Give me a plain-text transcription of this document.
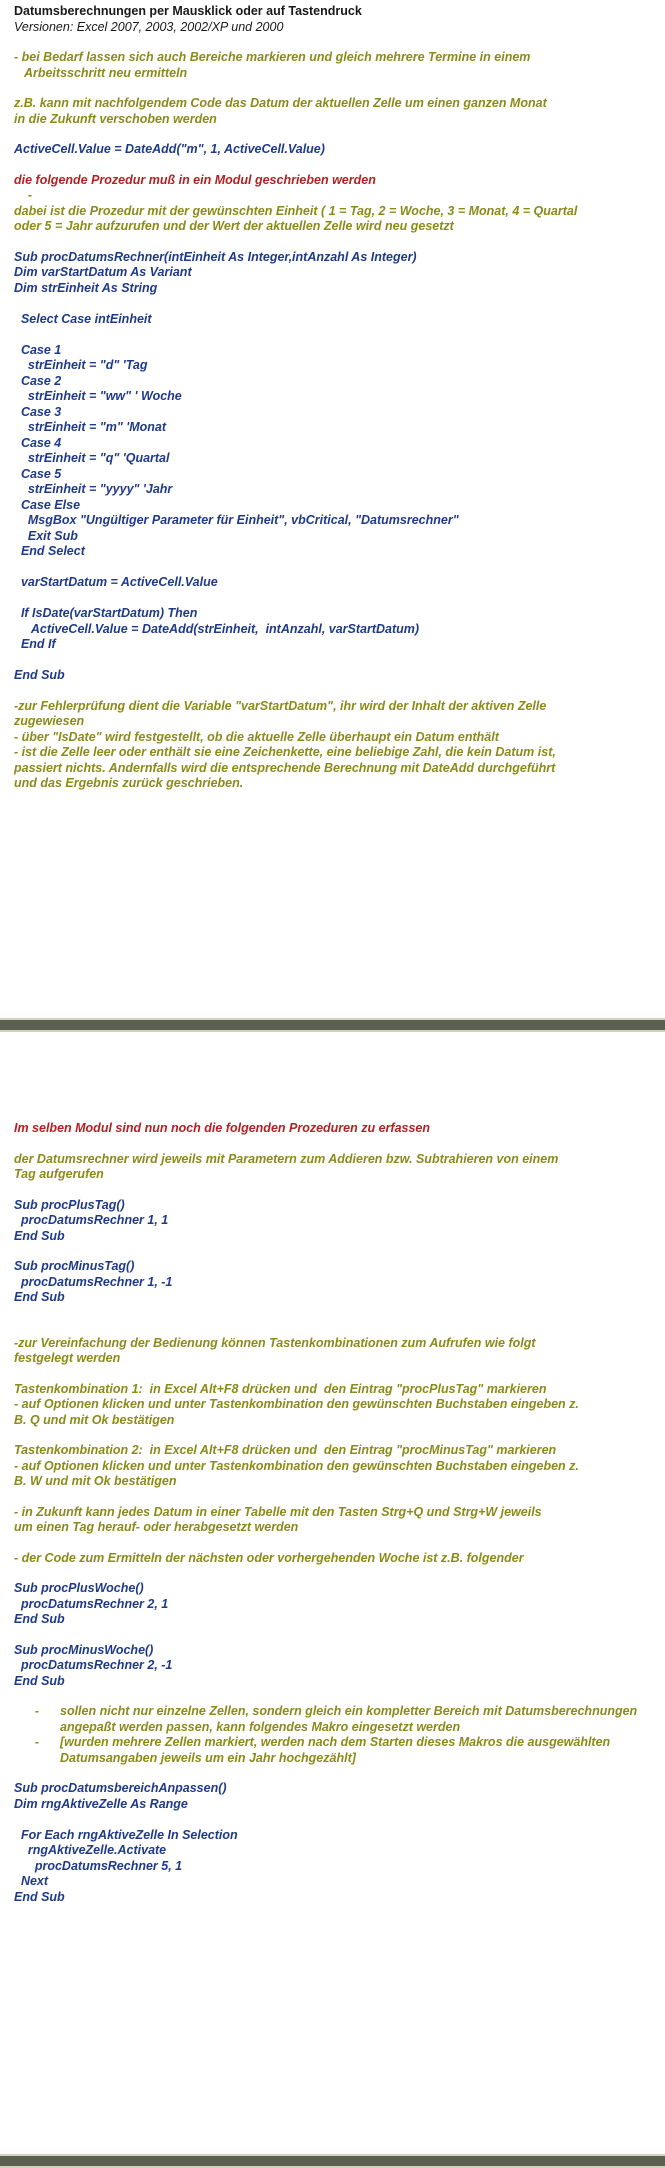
Datumsberechnungen per Mausklick oder auf Tastendruck
Versionen: Excel 2007, 2003, 2002/XP und 2000
- bei Bedarf lassen sich auch Bereiche markieren und gleich mehrere Termine in einem
Arbeitsschritt neu ermitteln
z.B. kann mit nachfolgendem Code das Datum der aktuellen Zelle um einen ganzen Monat
in die Zukunft verschoben werden
ActiveCell.Value = DateAdd("m", 1, ActiveCell.Value)
die folgende Prozedur muß in ein Modul geschrieben werden
-
dabei ist die Prozedur mit der gewünschten Einheit ( 1 = Tag, 2 = Woche, 3 = Monat, 4 = Quartal
oder 5 = Jahr aufzurufen und der Wert der aktuellen Zelle wird neu gesetzt
Sub procDatumsRechner(intEinheit As Integer,intAnzahl As Integer)
Dim varStartDatum As Variant
Dim strEinheit As String
Select Case intEinheit
Case 1
strEinheit = "d" 'Tag
Case 2
strEinheit = "ww" ' Woche
Case 3
strEinheit = "m" 'Monat
Case 4
strEinheit = "q" 'Quartal
Case 5
strEinheit = "yyyy" 'Jahr
Case Else
MsgBox "Ungültiger Parameter für Einheit", vbCritical, "Datumsrechner"
Exit Sub
End Select
varStartDatum = ActiveCell.Value
If IsDate(varStartDatum) Then
ActiveCell.Value = DateAdd(strEinheit,  intAnzahl, varStartDatum)
End If
End Sub
-zur Fehlerprüfung dient die Variable "varStartDatum", ihr wird der Inhalt der aktiven Zelle
zugewiesen
- über "IsDate" wird festgestellt, ob die aktuelle Zelle überhaupt ein Datum enthält
- ist die Zelle leer oder enthält sie eine Zeichenkette, eine beliebige Zahl, die kein Datum ist,
passiert nichts. Andernfalls wird die entsprechende Berechnung mit DateAdd durchgeführt
und das Ergebnis zurück geschrieben.
Im selben Modul sind nun noch die folgenden Prozeduren zu erfassen
der Datumsrechner wird jeweils mit Parametern zum Addieren bzw. Subtrahieren von einem
Tag aufgerufen
Sub procPlusTag()
procDatumsRechner 1, 1
End Sub
Sub procMinusTag()
procDatumsRechner 1, -1
End Sub
-zur Vereinfachung der Bedienung können Tastenkombinationen zum Aufrufen wie folgt
festgelegt werden
Tastenkombination 1:  in Excel Alt+F8 drücken und  den Eintrag "procPlusTag" markieren
- auf Optionen klicken und unter Tastenkombination den gewünschten Buchstaben eingeben z.
B. Q und mit Ok bestätigen
Tastenkombination 2:  in Excel Alt+F8 drücken und  den Eintrag "procMinusTag" markieren
- auf Optionen klicken und unter Tastenkombination den gewünschten Buchstaben eingeben z.
B. W und mit Ok bestätigen
- in Zukunft kann jedes Datum in einer Tabelle mit den Tasten Strg+Q und Strg+W jeweils
um einen Tag herauf- oder herabgesetzt werden
- der Code zum Ermitteln der nächsten oder vorhergehenden Woche ist z.B. folgender
Sub procPlusWoche()
procDatumsRechner 2, 1
End Sub
Sub procMinusWoche()
procDatumsRechner 2, -1
End Sub
-	sollen nicht nur einzelne Zellen, sondern gleich ein kompletter Bereich mit Datumsberechnungen angepaßt werden passen, kann folgendes Makro eingesetzt werden
-	[wurden mehrere Zellen markiert, werden nach dem Starten dieses Makros die ausgewählten Datumsangaben jeweils um ein Jahr hochgezählt]
Sub procDatumsbereichAnpassen()
Dim rngAktiveZelle As Range
For Each rngAktiveZelle In Selection
rngAktiveZelle.Activate
procDatumsRechner 5, 1
Next
End Sub
